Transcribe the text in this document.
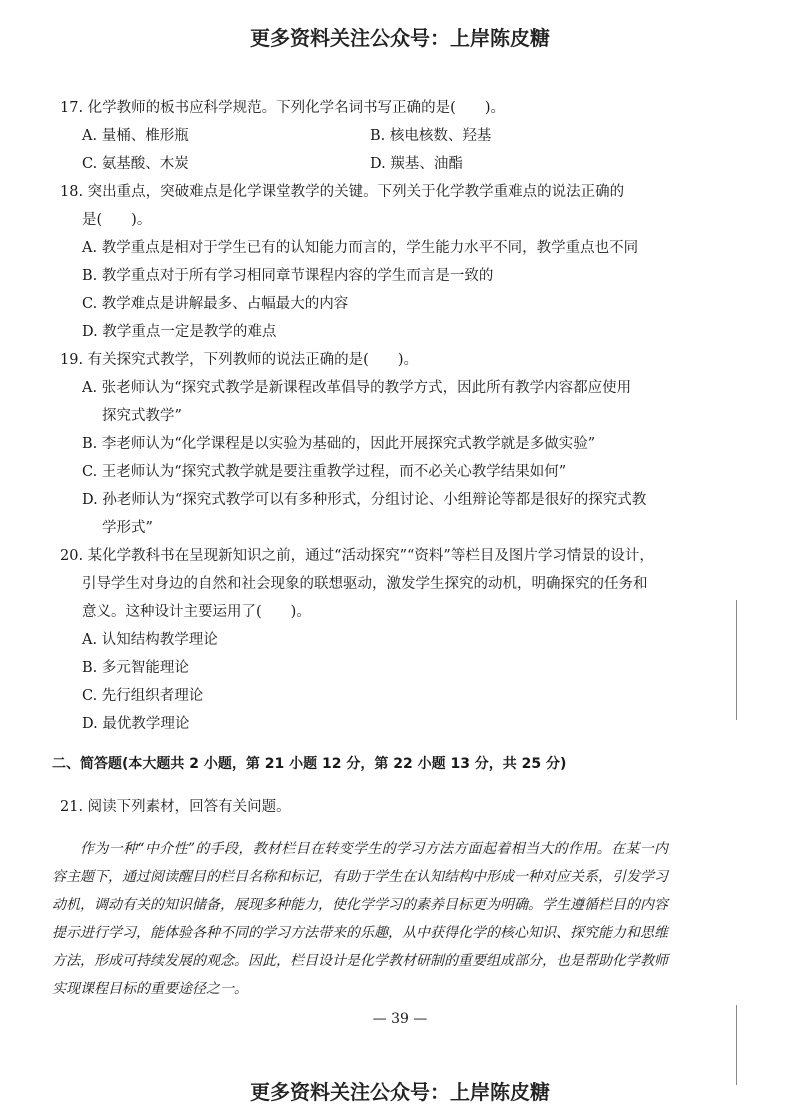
更多资料关注公众号：上岸陈皮糖

17. 化学教师的板书应科学规范。下列化学名词书写正确的是(　　)。

A. 量桶、椎形瓶	B. 核电核数、羟基
C. 氨基酸、木炭	D. 羰基、油酯

18. 突出重点，突破难点是化学课堂教学的关键。下列关于化学教学重难点的说法正确的

是(　　)。

A. 教学重点是相对于学生已有的认知能力而言的，学生能力水平不同，教学重点也不同

B. 教学重点对于所有学习相同章节课程内容的学生而言是一致的

C. 教学难点是讲解最多、占幅最大的内容

D. 教学重点一定是教学的难点

19. 有关探究式教学，下列教师的说法正确的是(　　)。

A. 张老师认为“探究式教学是新课程改革倡导的教学方式，因此所有教学内容都应使用
探究式教学”
B. 李老师认为“化学课程是以实验为基础的，因此开展探究式教学就是多做实验”
C. 王老师认为“探究式教学就是要注重教学过程，而不必关心教学结果如何”
D. 孙老师认为“探究式教学可以有多种形式，分组讨论、小组辩论等都是很好的探究式教
学形式”

20. 某化学教科书在呈现新知识之前，通过“活动探究”“资料”等栏目及图片学习情景的设计，

引导学生对身边的自然和社会现象的联想驱动，激发学生探究的动机，明确探究的任务和

意义。这种设计主要运用了(　　)。

A. 认知结构教学理论

B. 多元智能理论

C. 先行组织者理论

D. 最优教学理论

二、简答题(本大题共 2 小题，第 21 小题 12 分，第 22 小题 13 分，共 25 分)

21. 阅读下列素材，回答有关问题。

作为一种“中介性”的手段，教材栏目在转变学生的学习方法方面起着相当大的作用。在某一内容主题下，通过阅读醒目的栏目名称和标记，有助于学生在认知结构中形成一种对应关系，引发学习动机，调动有关的知识储备，展现多种能力，使化学学习的素养目标更为明确。学生遵循栏目的内容提示进行学习，能体验各种不同的学习方法带来的乐趣，从中获得化学的核心知识、探究能力和思维方法，形成可持续发展的观念。因此，栏目设计是化学教材研制的重要组成部分，也是帮助化学教师实现课程目标的重要途径之一。

— 39 —
更多资料关注公众号：上岸陈皮糖
